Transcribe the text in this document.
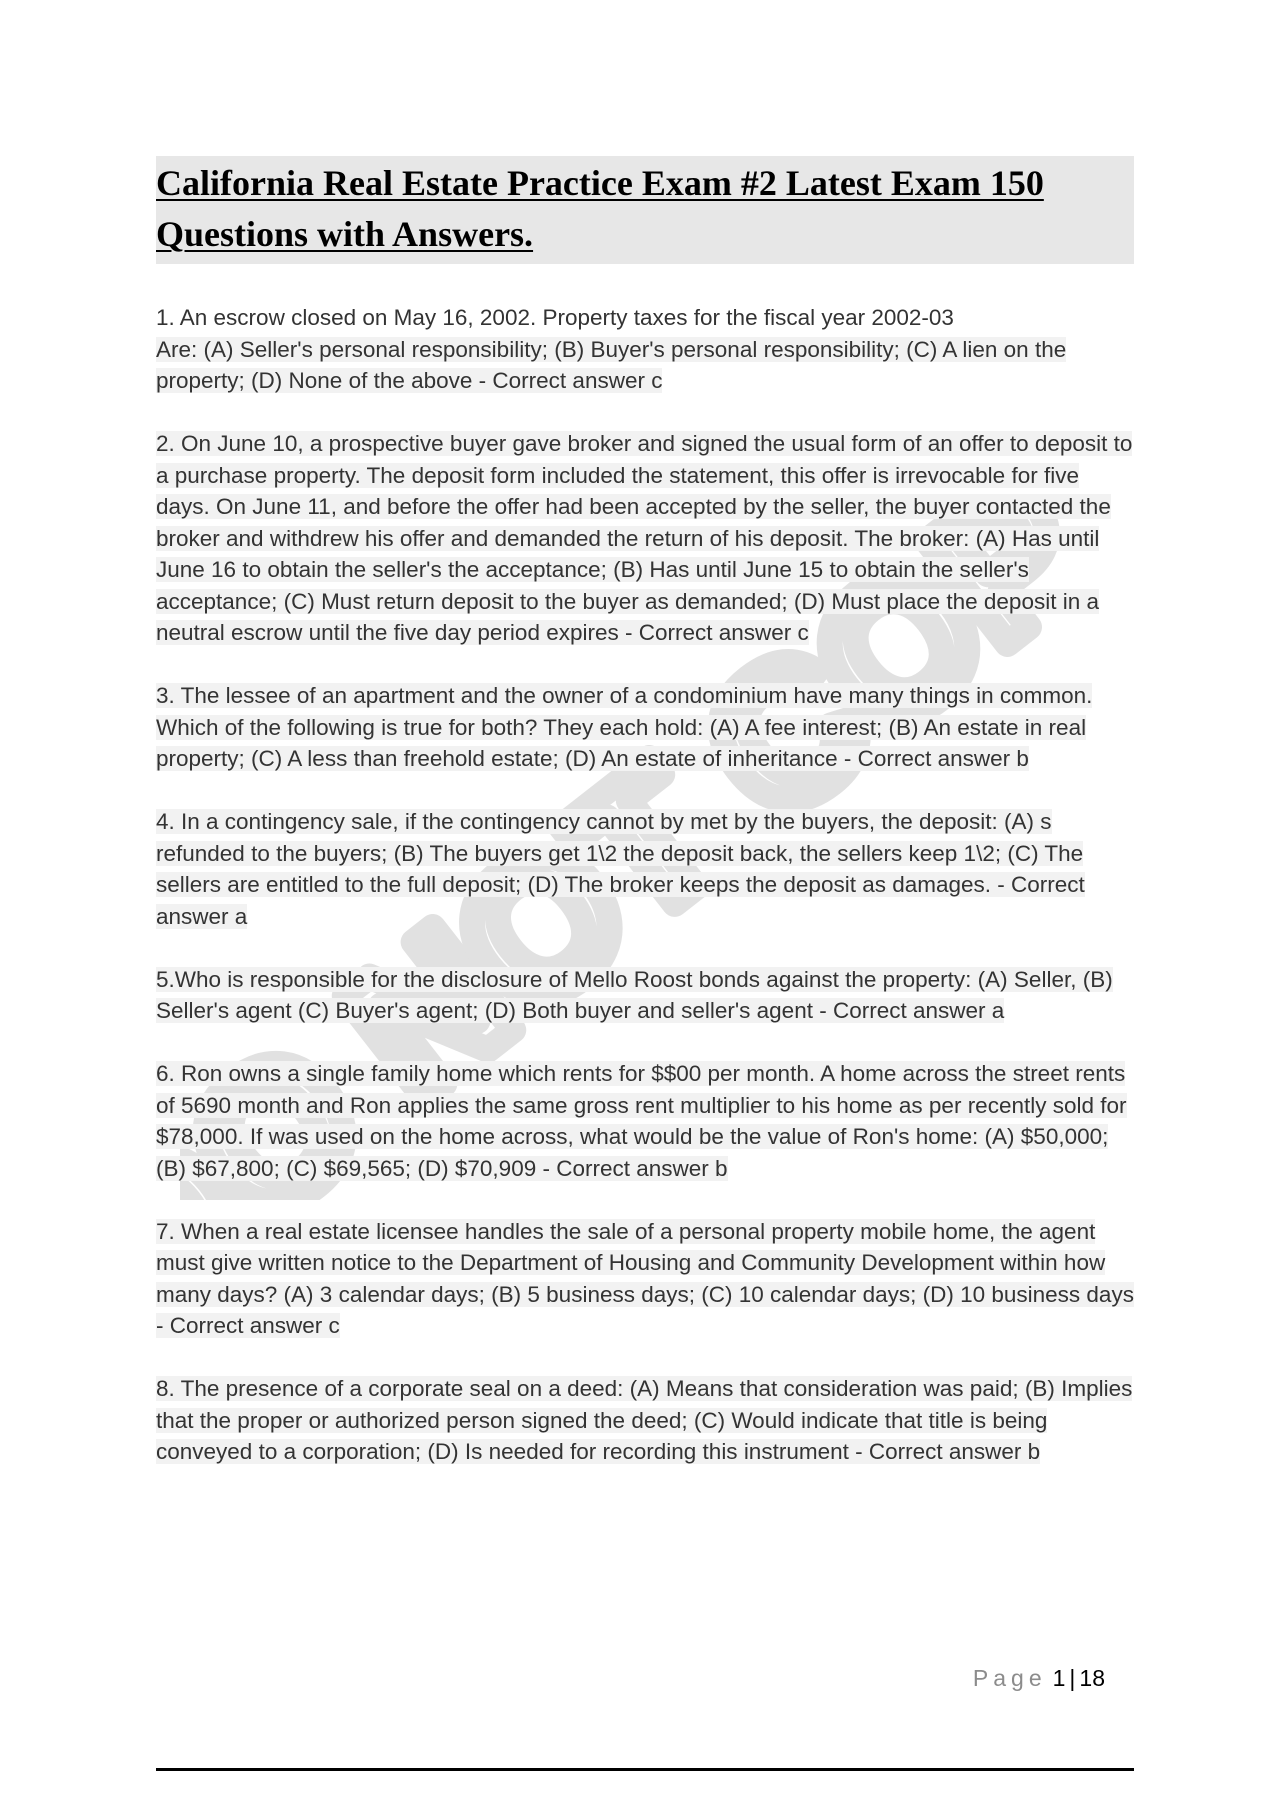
California Real Estate Practice Exam #2 Latest Exam 150 Questions with Answers.

1. An escrow closed on May 16, 2002. Property taxes for the fiscal year 2002-03
Are: (A) Seller's personal responsibility; (B) Buyer's personal responsibility; (C) A lien on the property; (D) None of the above - Correct answer c

2. On June 10, a prospective buyer gave broker and signed the usual form of an offer to deposit to a purchase property. The deposit form included the statement, this offer is irrevocable for five days. On June 11, and before the offer had been accepted by the seller, the buyer contacted the broker and withdrew his offer and demanded the return of his deposit. The broker: (A) Has until June 16 to obtain the seller's the acceptance; (B) Has until June 15 to obtain the seller's acceptance; (C) Must return deposit to the buyer as demanded; (D) Must place the deposit in a neutral escrow until the five day period expires - Correct answer c

3. The lessee of an apartment and the owner of a condominium have many things in common. Which of the following is true for both? They each hold: (A) A fee interest; (B) An estate in real property; (C) A less than freehold estate; (D) An estate of inheritance - Correct answer b

4. In a contingency sale, if the contingency cannot by met by the buyers, the deposit: (A) s refunded to the buyers; (B) The buyers get 1\2 the deposit back, the sellers keep 1\2; (C) The sellers are entitled to the full deposit; (D) The broker keeps the deposit as damages. - Correct answer a

5.Who is responsible for the disclosure of Mello Roost bonds against the property: (A) Seller, (B) Seller's agent (C) Buyer's agent; (D) Both buyer and seller's agent - Correct answer a

6. Ron owns a single family home which rents for $$00 per month. A home across the street rents of 5690 month and Ron applies the same gross rent multiplier to his home as per recently sold for $78,000. If was used on the home across, what would be the value of Ron's home: (A) $50,000; (B) $67,800; (C) $69,565; (D) $70,909 - Correct answer b

7. When a real estate licensee handles the sale of a personal property mobile home, the agent must give written notice to the Department of Housing and Community Development within how many days? (A) 3 calendar days; (B) 5 business days; (C) 10 calendar days; (D) 10 business days - Correct answer c

8. The presence of a corporate seal on a deed: (A) Means that consideration was paid; (B) Implies that the proper or authorized person signed the deed; (C) Would indicate that title is being conveyed to a corporation; (D) Is needed for recording this instrument - Correct answer b

Page 1 | 18
